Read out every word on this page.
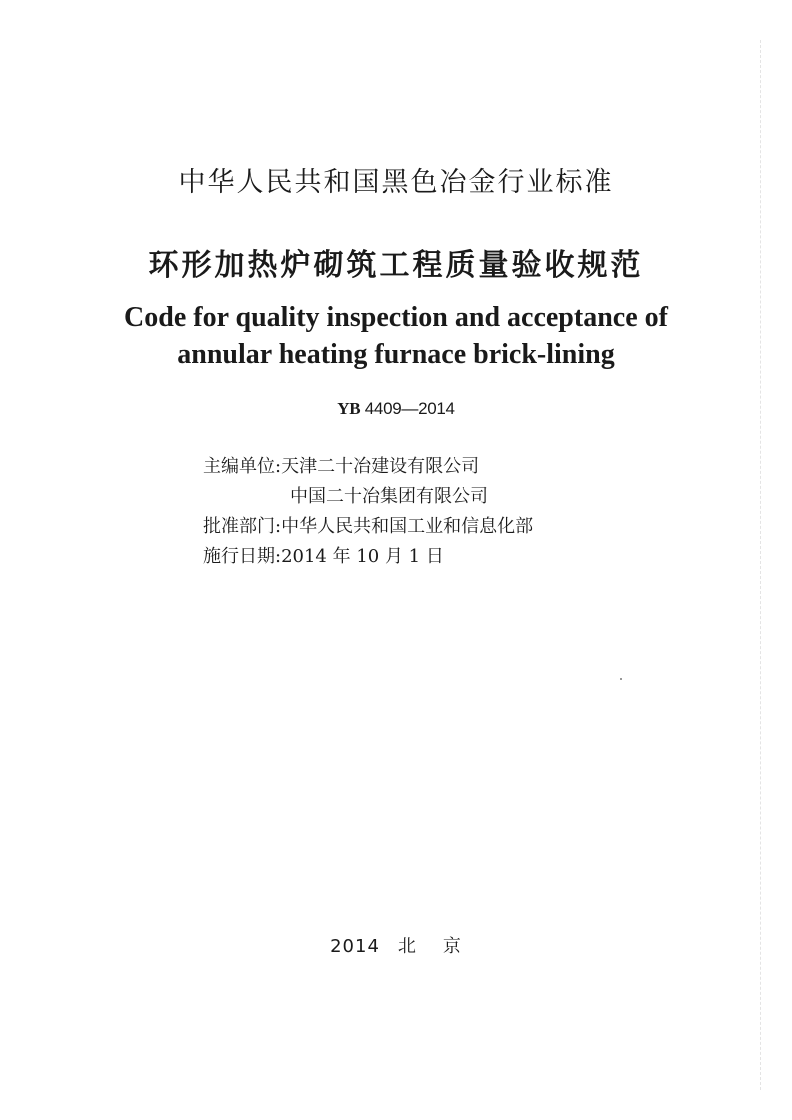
中华人民共和国黑色冶金行业标准
环形加热炉砌筑工程质量验收规范
Code for quality inspection and acceptance of
annular heating furnace brick-lining
YB 4409—2014
主编单位:天津二十冶建设有限公司
中国二十冶集团有限公司
批准部门:中华人民共和国工业和信息化部
施行日期:2014 年 10 月 1 日
2014 北 京
